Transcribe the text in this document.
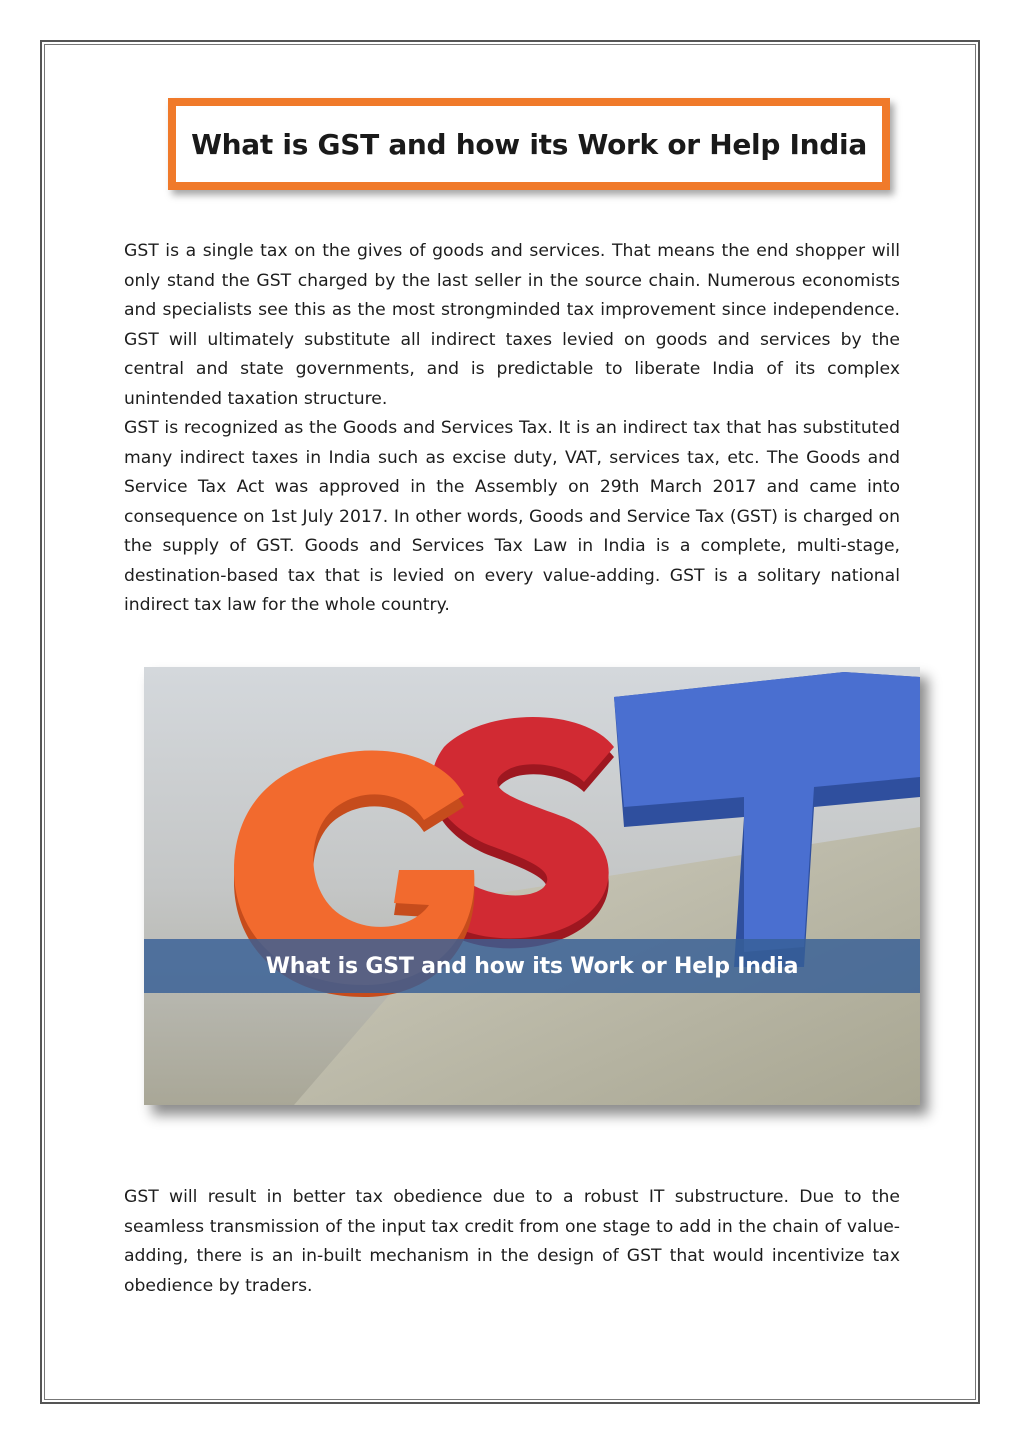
What is GST and how its Work or Help India

GST is a single tax on the gives of goods and services. That means the end shopper will only stand the GST charged by the last seller in the source chain. Numerous economists and specialists see this as the most strongminded tax improvement since independence. GST will ultimately substitute all indirect taxes levied on goods and services by the central and state governments, and is predictable to liberate India of its complex unintended taxation structure.

GST is recognized as the Goods and Services Tax. It is an indirect tax that has substituted many indirect taxes in India such as excise duty, VAT, services tax, etc. The Goods and Service Tax Act was approved in the Assembly on 29th March 2017 and came into consequence on 1st July 2017. In other words, Goods and Service Tax (GST) is charged on the supply of GST. Goods and Services Tax Law in India is a complete, multi-stage, destination-based tax that is levied on every value-adding. GST is a solitary national indirect tax law for the whole country.

What is GST and how its Work or Help India

GST will result in better tax obedience due to a robust IT substructure. Due to the seamless transmission of the input tax credit from one stage to add in the chain of value-adding, there is an in-built mechanism in the design of GST that would incentivize tax obedience by traders.
